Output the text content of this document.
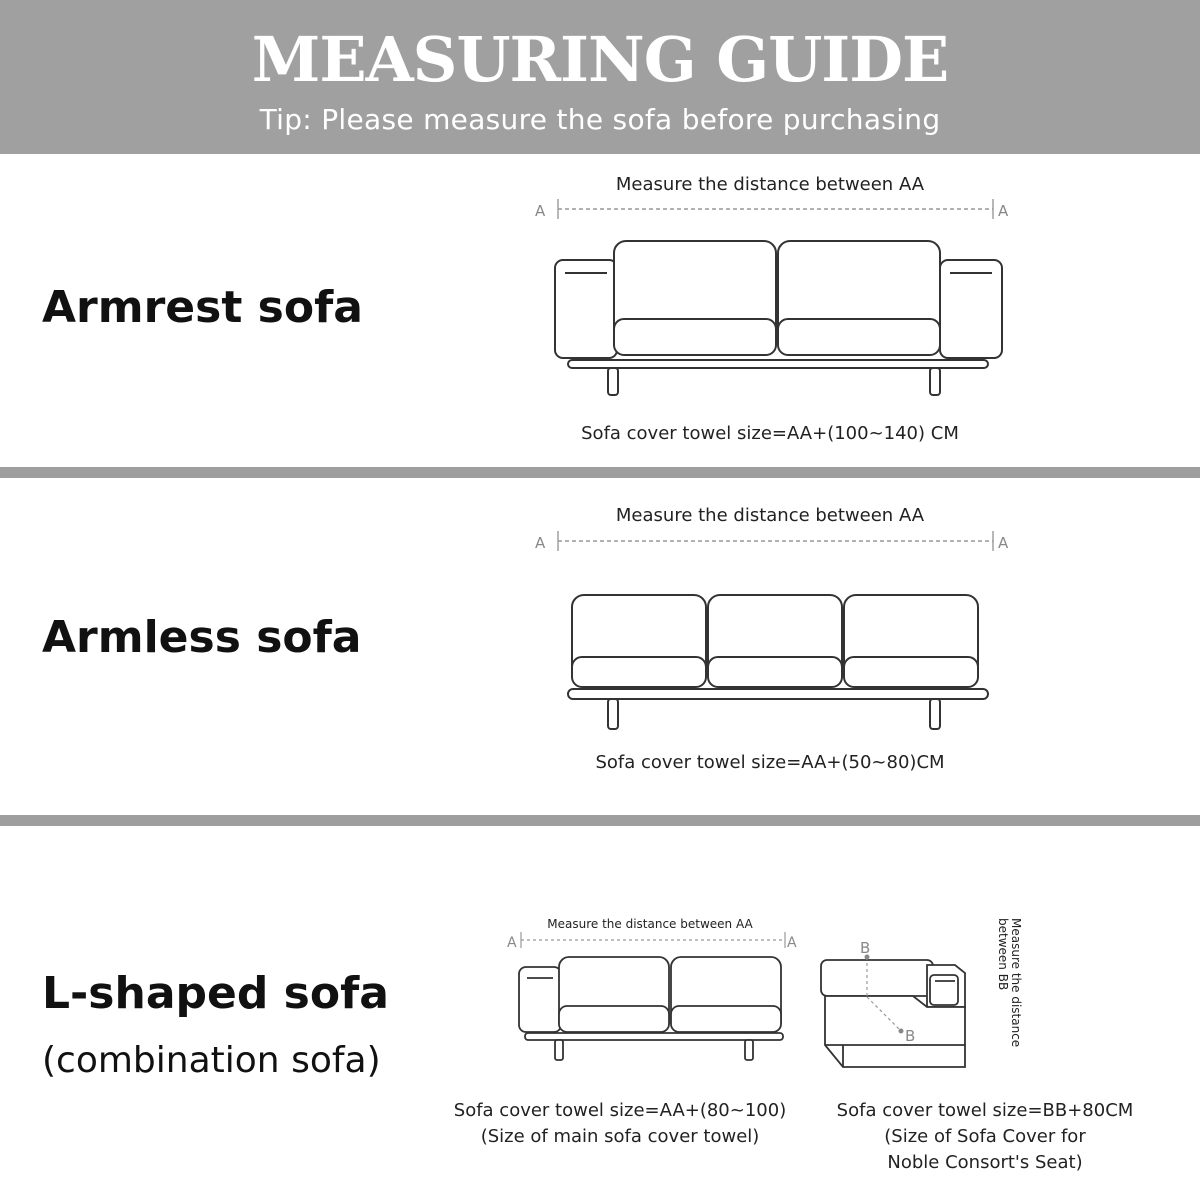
MEASURING GUIDE
Tip: Please measure the sofa before purchasing
Armrest sofa
Measure the distance between AA
A	A
Sofa cover towel size=AA+(100~140) CM
Armless sofa
Measure the distance between AA
A	A
Sofa cover towel size=AA+(50~80)CM
L-shaped sofa
(combination sofa)
Measure the distance between AA
A	A
Sofa cover towel size=AA+(80~100)
(Size of main sofa cover towel)
B
B	Measure the distance
between BB
Sofa cover towel size=BB+80CM
(Size of Sofa Cover for
Noble Consort's Seat)
